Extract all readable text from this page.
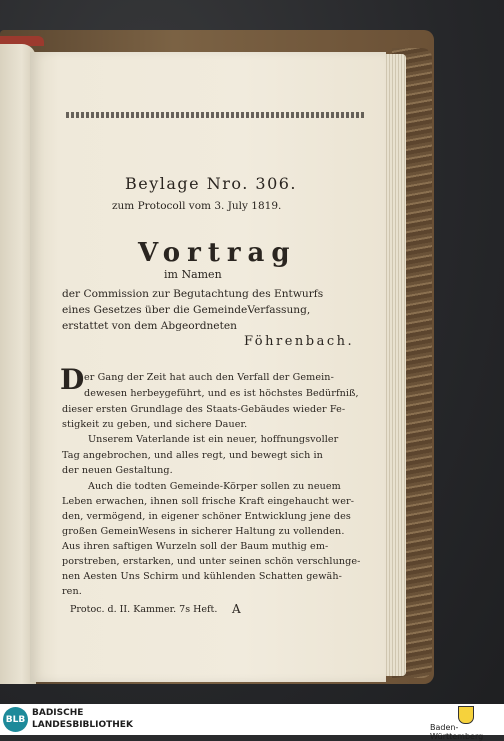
Beylage Nro. 306.
zum Protocoll vom 3. July 1819.
Vortrag
im Namen
der Commission zur Begutachtung des Entwurfs
eines Gesetzes über die GemeindeVerfassung,
erstattet von dem Abgeordneten
Föhrenbach.
D er Gang der Zeit hat auch den Verfall der Gemein-
dewesen herbeygeführt, und es ist höchstes Bedürfniß,
dieser ersten Grundlage des Staats-Gebäudes wieder Fe-
stigkeit zu geben, und sichere Dauer.
Unserem Vaterlande ist ein neuer, hoffnungsvoller
Tag angebrochen, und alles regt, und bewegt sich in
der neuen Gestaltung.
Auch die todten Gemeinde-Körper sollen zu neuem
Leben erwachen, ihnen soll frische Kraft eingehaucht wer-
den, vermögend, in eigener schöner Entwicklung jene des
großen GemeinWesens in sicherer Haltung zu vollenden.
Aus ihren saftigen Wurzeln soll der Baum muthig em-
porstreben, erstarken, und unter seinen schön verschlunge-
nen Aesten Uns Schirm und kühlenden Schatten gewäh-
ren.
Protoc. d. II. Kammer. 7s Heft. A
BLB
BADISCHE
LANDESBIBLIOTHEK	Baden-Württemberg
